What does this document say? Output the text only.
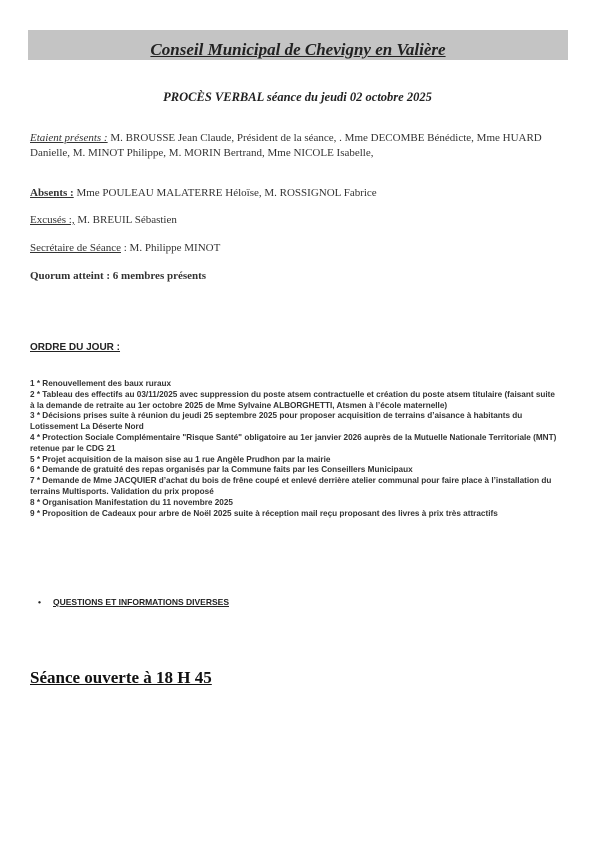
Conseil Municipal de Chevigny en Valière
PROCÈS VERBAL séance du jeudi 02 octobre 2025
Etaient présents : M. BROUSSE Jean Claude, Président de la séance, . Mme DECOMBE Bénédicte, Mme HUARD Danielle, M. MINOT Philippe, M. MORIN Bertrand, Mme NICOLE Isabelle,
Absents : Mme POULEAU MALATERRE Héloïse, M. ROSSIGNOL Fabrice
Excusés :, M. BREUIL Sébastien
Secrétaire de Séance : M. Philippe MINOT
Quorum atteint : 6 membres présents
ORDRE DU JOUR :

1 * Renouvellement des baux ruraux

2 * Tableau des effectifs au 03/11/2025 avec suppression du poste atsem contractuelle et création du poste atsem titulaire (faisant suite à la demande de retraite au 1er octobre 2025 de Mme Sylvaine ALBORGHETTI, Atsmen à l’école maternelle)

3 * Décisions prises suite à réunion du jeudi 25 septembre 2025 pour proposer acquisition de terrains d’aisance à habitants du Lotissement La Déserte Nord

4 * Protection Sociale Complémentaire "Risque Santé" obligatoire au 1er janvier 2026 auprès de la Mutuelle Nationale Territoriale (MNT) retenue par le CDG 21

5 * Projet acquisition de la maison sise au 1 rue Angèle Prudhon par la mairie

6 * Demande de gratuité des repas organisés par la Commune faits par les Conseillers Municipaux

7 * Demande de Mme JACQUIER d’achat du bois de frêne coupé et enlevé derrière atelier communal pour faire place à l’installation du terrains Multisports. Validation du prix proposé

8 * Organisation Manifestation du 11 novembre 2025

9 * Proposition de Cadeaux pour arbre de Noël 2025 suite à réception mail reçu proposant des livres à prix très attractifs

• QUESTIONS ET INFORMATIONS DIVERSES
Séance ouverte à 18 H 45
